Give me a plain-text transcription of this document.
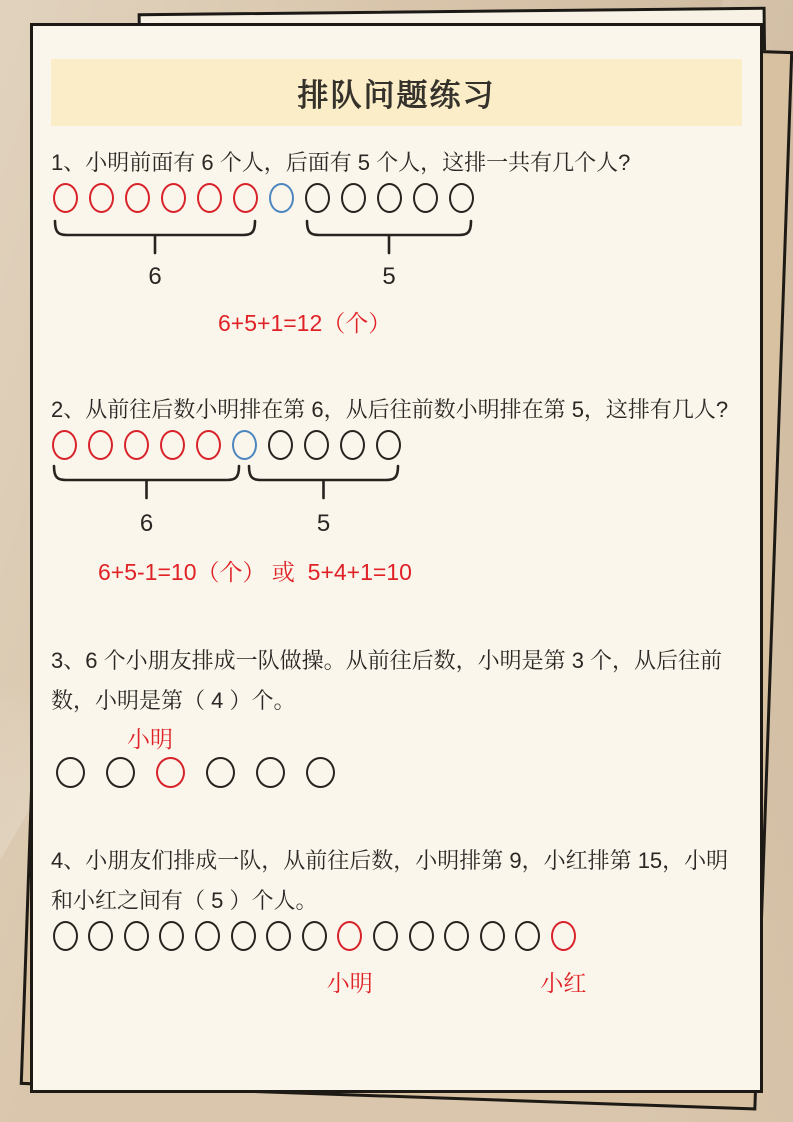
排队问题练习

1、小明前面有 6 个人，后面有 5 个人，这排一共有几个人?

6	5

6+5+1=12（个）

2、从前往后数小明排在第 6，从后往前数小明排在第 5，这排有几人?

6	5

6+5-1=10（个） 或  5+4+1=10

3、6 个小朋友排成一队做操。从前往后数，小明是第 3 个，从后往前数，小明是第（ 4 ）个。

小明

4、小朋友们排成一队，从前往后数，小明排第 9，小红排第 15，小明和小红之间有（ 5 ）个人。

小明	小红
